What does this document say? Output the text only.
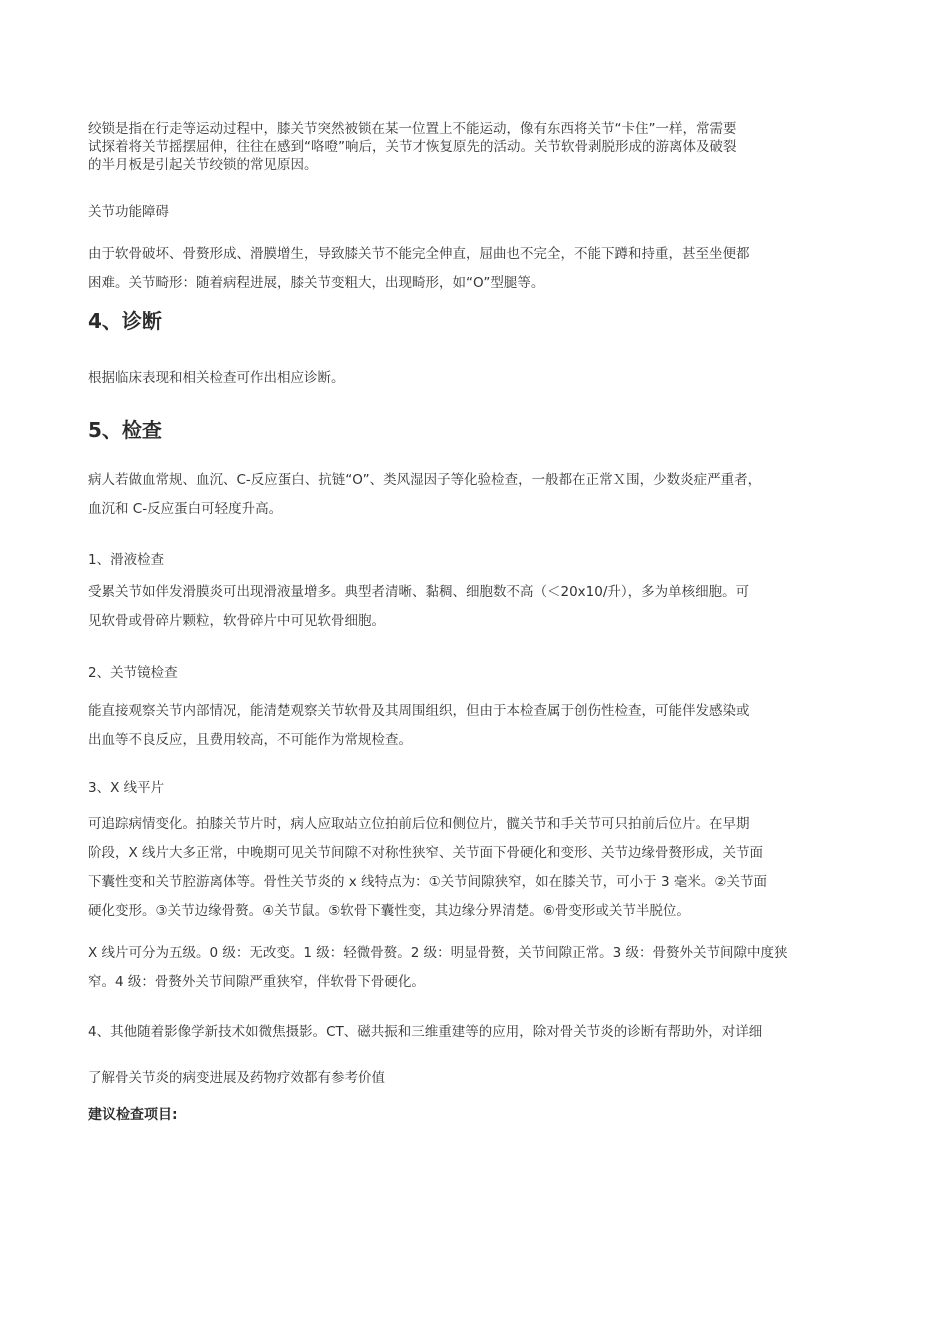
绞锁是指在行走等运动过程中，膝关节突然被锁在某一位置上不能运动，像有东西将关节“卡住”一样，常需要
试探着将关节摇摆屈伸，往往在感到“咯噔”响后，关节才恢复原先的活动。关节软骨剥脱形成的游离体及破裂
的半月板是引起关节绞锁的常见原因。
关节功能障碍
由于软骨破坏、骨赘形成、滑膜增生，导致膝关节不能完全伸直，屈曲也不完全，不能下蹲和持重，甚至坐便都
困难。关节畸形：随着病程进展，膝关节变粗大，出现畸形，如“O”型腿等。
4、诊断
根据临床表现和相关检查可作出相应诊断。
5、检查
病人若做血常规、血沉、C-反应蛋白、抗链“O”、类风湿因子等化验检查，一般都在正常Ｘ围，少数炎症严重者，
血沉和 C-反应蛋白可轻度升高。
1、滑液检查
受累关节如伴发滑膜炎可出现滑液量增多。典型者清晰、黏稠、细胞数不高（＜20x10/升），多为单核细胞。可
见软骨或骨碎片颗粒，软骨碎片中可见软骨细胞。
2、关节镜检查
能直接观察关节内部情况，能清楚观察关节软骨及其周围组织，但由于本检查属于创伤性检查，可能伴发感染或
出血等不良反应，且费用较高，不可能作为常规检查。
3、X 线平片
可追踪病情变化。拍膝关节片时，病人应取站立位拍前后位和侧位片，髋关节和手关节可只拍前后位片。在早期
阶段，X 线片大多正常，中晚期可见关节间隙不对称性狭窄、关节面下骨硬化和变形、关节边缘骨赘形成，关节面
下囊性变和关节腔游离体等。骨性关节炎的 x 线特点为：①关节间隙狭窄，如在膝关节，可小于 3 毫米。②关节面
硬化变形。③关节边缘骨赘。④关节鼠。⑤软骨下囊性变，其边缘分界清楚。⑥骨变形或关节半脱位。
X 线片可分为五级。0 级：无改变。1 级：轻微骨赘。2 级：明显骨赘，关节间隙正常。3 级：骨赘外关节间隙中度狭
窄。4 级：骨赘外关节间隙严重狭窄，伴软骨下骨硬化。
4、其他随着影像学新技术如微焦摄影。CT、磁共振和三维重建等的应用，除对骨关节炎的诊断有帮助外，对详细
了解骨关节炎的病变进展及药物疗效都有参考价值
建议检查项目:
